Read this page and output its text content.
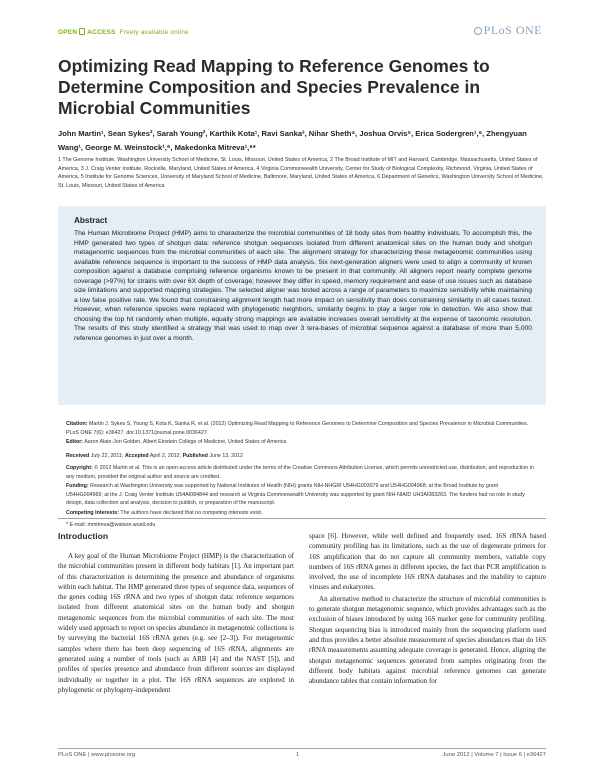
OPEN ACCESS Freely available online	PLoS ONE
Optimizing Read Mapping to Reference Genomes to Determine Composition and Species Prevalence in Microbial Communities
John Martin¹, Sean Sykes², Sarah Young², Karthik Kota¹, Ravi Sanka³, Nihar Sheth⁴, Joshua Orvis⁵, Erica Sodergren¹,⁶, Zhengyuan Wang¹, George M. Weinstock¹,⁶, Makedonka Mitreva¹,⁶*
1 The Genome Institute, Washington University School of Medicine, St. Louis, Missouri, United States of America, 2 The Broad Institute of MIT and Harvard, Cambridge, Massachusetts, United States of America, 3 J. Craig Venter Institute, Rockville, Maryland, United States of America, 4 Virginia Commonwealth University, Center for Study of Biological Complexity, Richmond, Virginia, United States of America, 5 Institute for Genome Sciences, University of Maryland School of Medicine, Baltimore, Maryland, United States of America, 6 Department of Genetics, Washington University School of Medicine, St. Louis, Missouri, United States of America
Abstract
The Human Microbiome Project (HMP) aims to characterize the microbial communities of 18 body sites from healthy individuals. To accomplish this, the HMP generated two types of shotgun data: reference shotgun sequences isolated from different anatomical sites on the human body and shotgun metagenomic sequences from the microbial communities of each site. The alignment strategy for characterizing these metagenomic communities using available reference sequence is important to the success of HMP data analysis. Six next-generation aligners were used to align a community of known composition against a database comprising reference organisms known to be present in that community. All aligners report nearly complete genome coverage (>97%) for strains with over 6X depth of coverage; however they differ in speed, memory requirement and ease of use issues such as database size limitations and supported mapping strategies. The selected aligner was tested across a range of parameters to maximize sensitivity while maintaining a low false positive rate. We found that constraining alignment length had more impact on sensitivity than does constraining similarity in all cases tested. However, when reference species were replaced with phylogenetic neighbors, similarity begins to play a larger role in detection. We also show that choosing the top hit randomly when multiple, equally strong mappings are available increases overall sensitivity at the expense of taxonomic resolution. The results of this study identified a strategy that was used to map over 3 tera-bases of microbial sequence against a database of more than 5,000 reference genomes in just over a month.
Citation: Martin J, Sykes S, Young S, Kota K, Sanka R, et al. (2012) Optimizing Read Mapping to Reference Genomes to Determine Composition and Species Prevalence in Microbial Communities. PLoS ONE 7(6): e36427. doi:10.1371/journal.pone.0036427
Editor: Aaron Alain-Jon Golden, Albert Einstein College of Medicine, United States of America
Received July 22, 2011; Accepted April 2, 2012; Published June 13, 2012
Copyright: © 2012 Martin et al. This is an open-access article distributed under the terms of the Creative Commons Attribution License, which permits unrestricted use, distribution, and reproduction in any medium, provided the original author and source are credited.
Funding: Research at Washington University was supported by National Institutes of Health (NIH) grants NIH-NHGRI U54HG003079 and U54HG004968; at the Broad Institute by grant U54HG004969; at the J. Craig Venter Institute U54AI084844 and research at Virginia Commonwealth University was supported by grant NIH-NIAID UH3AI083263. The funders had no role in study design, data collection and analysis, decision to publish, or preparation of the manuscript.
Competing Interests: The authors have declared that no competing interests exist.
* E-mail: mmitreva@watson.wustl.edu
Introduction
A key goal of the Human Microbiome Project (HMP) is the characterization of the microbial communities present in different body habitats [1]. An important part of this characterization is determining the presence and abundance of organisms within each habitat. The HMP generated three types of sequence data, sequences of the genes coding 16S rRNA and two types of shotgun data: reference sequences isolated from different anatomical sites on the human body and shotgun metagenomic sequences from the microbial communities of each site. The most widely used approach to report on species abundance in metagenomic collections is by surveying the bacterial 16S rRNA genes (e.g. see [2–3]). For metagenomic samples where there has been deep sequencing of 16S rRNA, alignments are generated using a number of tools (such as ARB [4] and the NAST [5]), and profiles of species presence and abundance from different sources are displayed individually or together in a plot. The 16S rRNA sequences are explored in phylogenetic or phylogeny-independent

space [6]. However, while well defined and frequently used, 16S rRNA based community profiling has its limitations, such as the use of degenerate primers for 16S amplification that do not capture all community members, variable copy numbers of 16S rRNA genes in different species, the fact that PCR amplification is involved, the use of incomplete 16S rRNA databases and the inability to capture viruses and eukaryotes.

An alternative method to characterize the structure of microbial communities is to generate shotgun metagenomic sequence, which provides advantages such as the exclusion of biases introduced by using 16S marker gene for community profiling. Shotgun sequencing bias is introduced mainly from the sequencing platform used and thus provides a better absolute measurement of species abundances than do 16S rRNA measurements assuming adequate coverage is generated. Hence, aligning the shotgun metagenomic sequences generated from samples originating from the different body habitats against microbial reference genomes can generate abundance tables that contain information for

PLoS ONE | www.plosone.org	1	June 2012 | Volume 7 | Issue 6 | e36427
